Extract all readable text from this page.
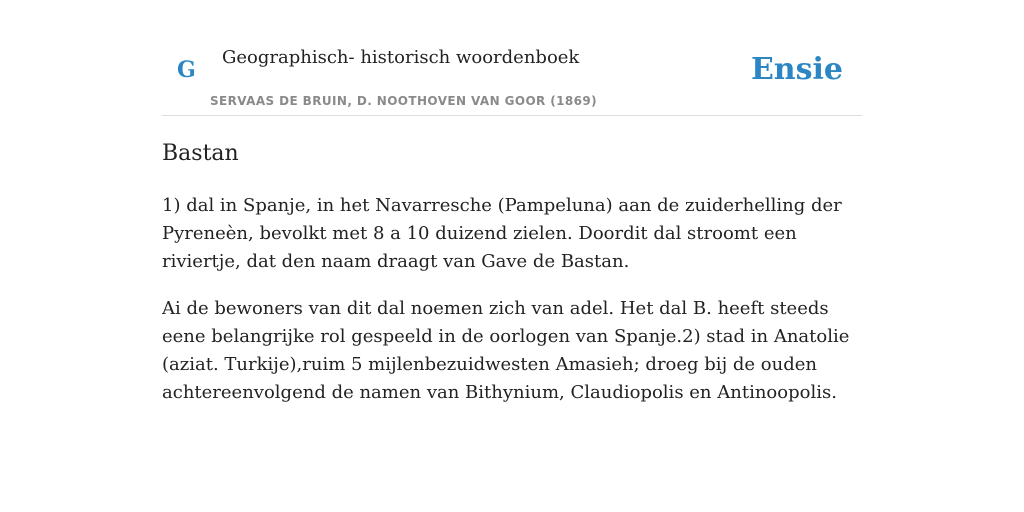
G Geographisch- historisch woordenboek
SERVAAS DE BRUIN, D. NOOTHOVEN VAN GOOR (1869)
Ensie
Bastan

1) dal in Spanje, in het Navarresche (Pampeluna) aan de zuiderhelling der Pyreneèn, bevolkt met 8 a 10 duizend zielen. Doordit dal stroomt een riviertje, dat den naam draagt van Gave de Bastan.

Ai de bewoners van dit dal noemen zich van adel. Het dal B. heeft steeds eene belangrijke rol gespeeld in de oorlogen van Spanje.2) stad in Anatolie (aziat. Turkije),ruim 5 mijlenbezuidwesten Amasieh; droeg bij de ouden achtereenvolgend de namen van Bithynium, Claudiopolis en Antinoopolis.
